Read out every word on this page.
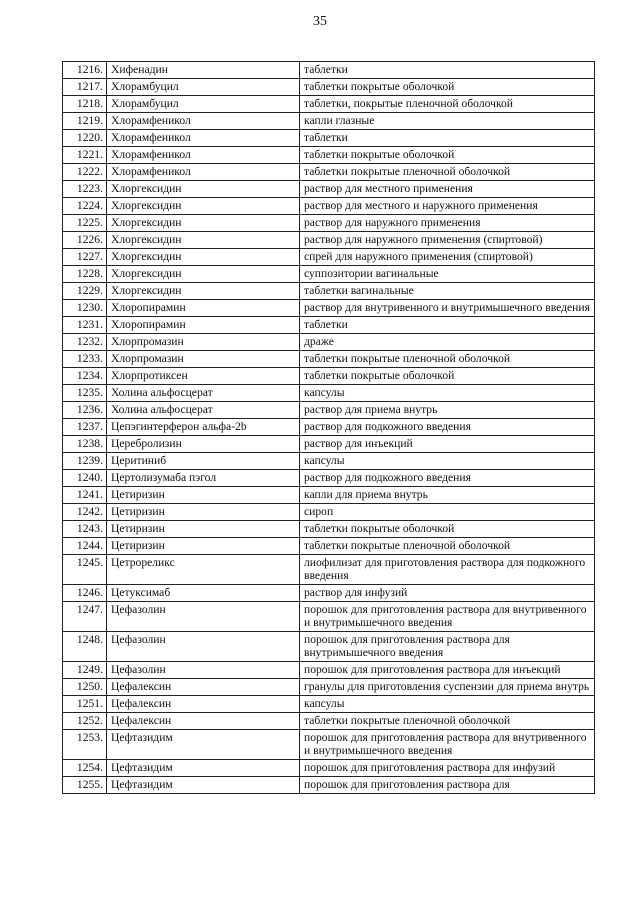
35
1216.	Хифенадин	таблетки
1217.	Хлорамбуцил	таблетки покрытые оболочкой
1218.	Хлорамбуцил	таблетки, покрытые пленочной оболочкой
1219.	Хлорамфеникол	капли глазные
1220.	Хлорамфеникол	таблетки
1221.	Хлорамфеникол	таблетки покрытые оболочкой
1222.	Хлорамфеникол	таблетки покрытые пленочной оболочкой
1223.	Хлоргексидин	раствор для местного применения
1224.	Хлоргексидин	раствор для местного и наружного применения
1225.	Хлоргексидин	раствор для наружного применения
1226.	Хлоргексидин	раствор для наружного применения (спиртовой)
1227.	Хлоргексидин	спрей для наружного применения (спиртовой)
1228.	Хлоргексидин	суппозитории вагинальные
1229.	Хлоргексидин	таблетки вагинальные
1230.	Хлоропирамин	раствор для внутривенного и внутримышечного введения
1231.	Хлоропирамин	таблетки
1232.	Хлорпромазин	драже
1233.	Хлорпромазин	таблетки покрытые пленочной оболочкой
1234.	Хлорпротиксен	таблетки покрытые оболочкой
1235.	Холина альфосцерат	капсулы
1236.	Холина альфосцерат	раствор для приема внутрь
1237.	Цепэгинтерферон альфа-2b	раствор для подкожного введения
1238.	Церебролизин	раствор для инъекций
1239.	Церитиниб	капсулы
1240.	Цертолизумаба пэгол	раствор для подкожного введения
1241.	Цетиризин	капли для приема внутрь
1242.	Цетиризин	сироп
1243.	Цетиризин	таблетки покрытые оболочкой
1244.	Цетиризин	таблетки покрытые пленочной оболочкой
1245.	Цетрореликс	лиофилизат для приготовления раствора для подкожного введения
1246.	Цетуксимаб	раствор для инфузий
1247.	Цефазолин	порошок для приготовления раствора для внутривенного и внутримышечного введения
1248.	Цефазолин	порошок для приготовления раствора для внутримышечного введения
1249.	Цефазолин	порошок для приготовления раствора для инъекций
1250.	Цефалексин	гранулы для приготовления суспензии для приема внутрь
1251.	Цефалексин	капсулы
1252.	Цефалексин	таблетки покрытые пленочной оболочкой
1253.	Цефтазидим	порошок для приготовления раствора для внутривенного и внутримышечного введения
1254.	Цефтазидим	порошок для приготовления раствора для инфузий
1255.	Цефтазидим	порошок для приготовления раствора для
